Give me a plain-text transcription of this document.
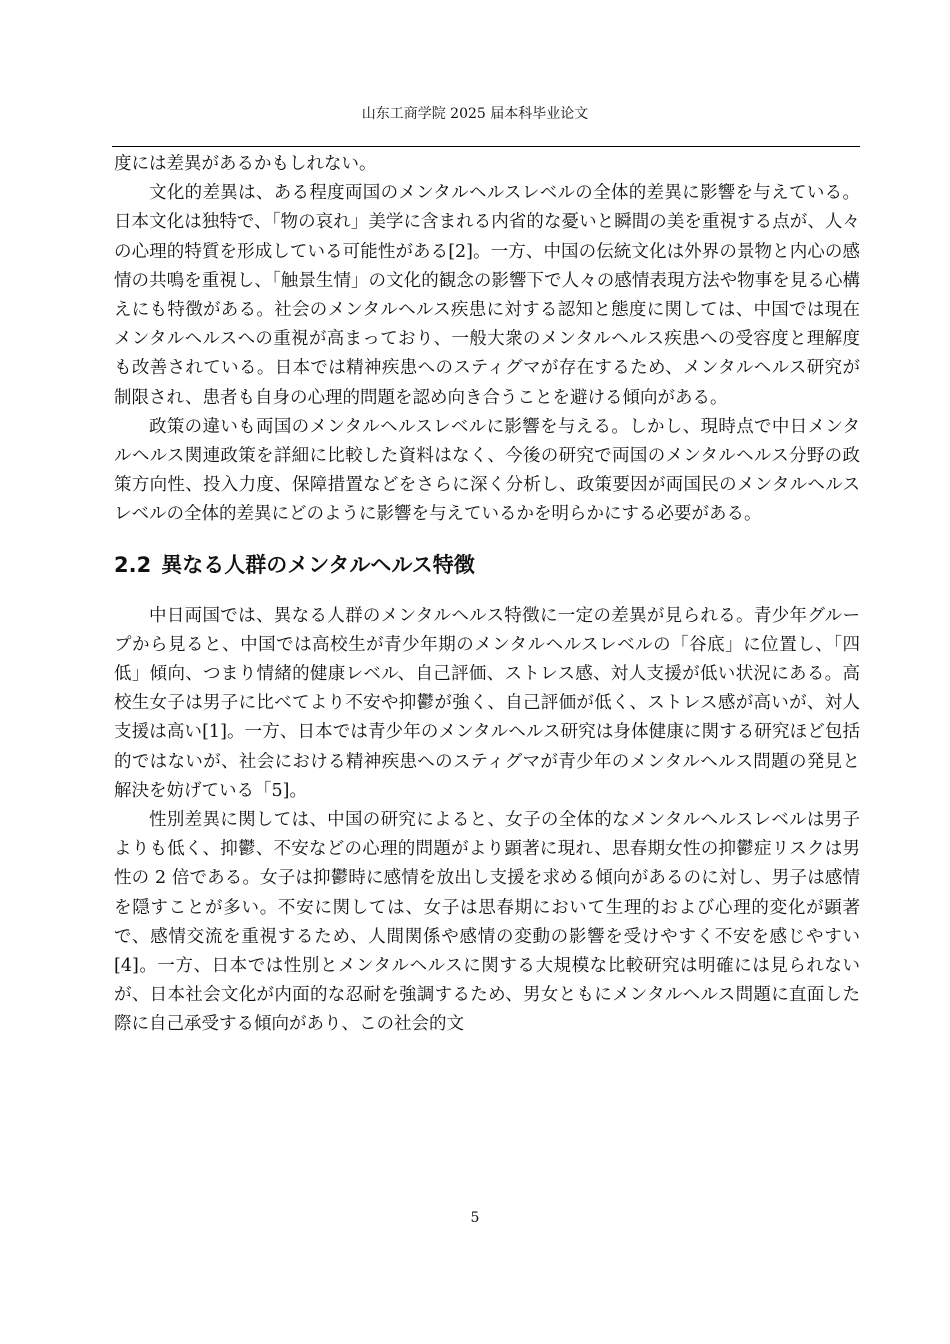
山东工商学院 2025 届本科毕业论文

度には差異があるかもしれない。

文化的差異は、ある程度両国のメンタルヘルスレベルの全体的差異に影響を与えている。日本文化は独特で、「物の哀れ」美学に含まれる内省的な憂いと瞬間の美を重視する点が、人々の心理的特質を形成している可能性がある[2]。一方、中国の伝統文化は外界の景物と内心の感情の共鳴を重視し、「触景生情」の文化的観念の影響下で人々の感情表現方法や物事を見る心構えにも特徴がある。社会のメンタルヘルス疾患に対する認知と態度に関しては、中国では現在メンタルヘルスへの重視が高まっており、一般大衆のメンタルヘルス疾患への受容度と理解度も改善されている。日本では精神疾患へのスティグマが存在するため、メンタルヘルス研究が制限され、患者も自身の心理的問題を認め向き合うことを避ける傾向がある。

政策の違いも両国のメンタルヘルスレベルに影響を与える。しかし、現時点で中日メンタルヘルス関連政策を詳細に比較した資料はなく、今後の研究で両国のメンタルヘルス分野の政策方向性、投入力度、保障措置などをさらに深く分析し、政策要因が両国民のメンタルヘルスレベルの全体的差異にどのように影響を与えているかを明らかにする必要がある。

2.2 異なる人群のメンタルヘルス特徴

中日両国では、異なる人群のメンタルヘルス特徴に一定の差異が見られる。青少年グループから見ると、中国では高校生が青少年期のメンタルヘルスレベルの「谷底」に位置し、「四低」傾向、つまり情緒的健康レベル、自己評価、ストレス感、対人支援が低い状況にある。高校生女子は男子に比べてより不安や抑鬱が強く、自己評価が低く、ストレス感が高いが、対人支援は高い[1]。一方、日本では青少年のメンタルヘルス研究は身体健康に関する研究ほど包括的ではないが、社会における精神疾患へのスティグマが青少年のメンタルヘルス問題の発見と解決を妨げている「5]。

性別差異に関しては、中国の研究によると、女子の全体的なメンタルヘルスレベルは男子よりも低く、抑鬱、不安などの心理的問題がより顕著に現れ、思春期女性の抑鬱症リスクは男性の 2 倍である。女子は抑鬱時に感情を放出し支援を求める傾向があるのに対し、男子は感情を隠すことが多い。不安に関しては、女子は思春期において生理的および心理的変化が顕著で、感情交流を重視するため、人間関係や感情の変動の影響を受けやすく不安を感じやすい[4]。一方、日本では性別とメンタルヘルスに関する大規模な比較研究は明確には見られないが、日本社会文化が内面的な忍耐を強調するため、男女ともにメンタルヘルス問題に直面した際に自己承受する傾向があり、この社会的文

5
